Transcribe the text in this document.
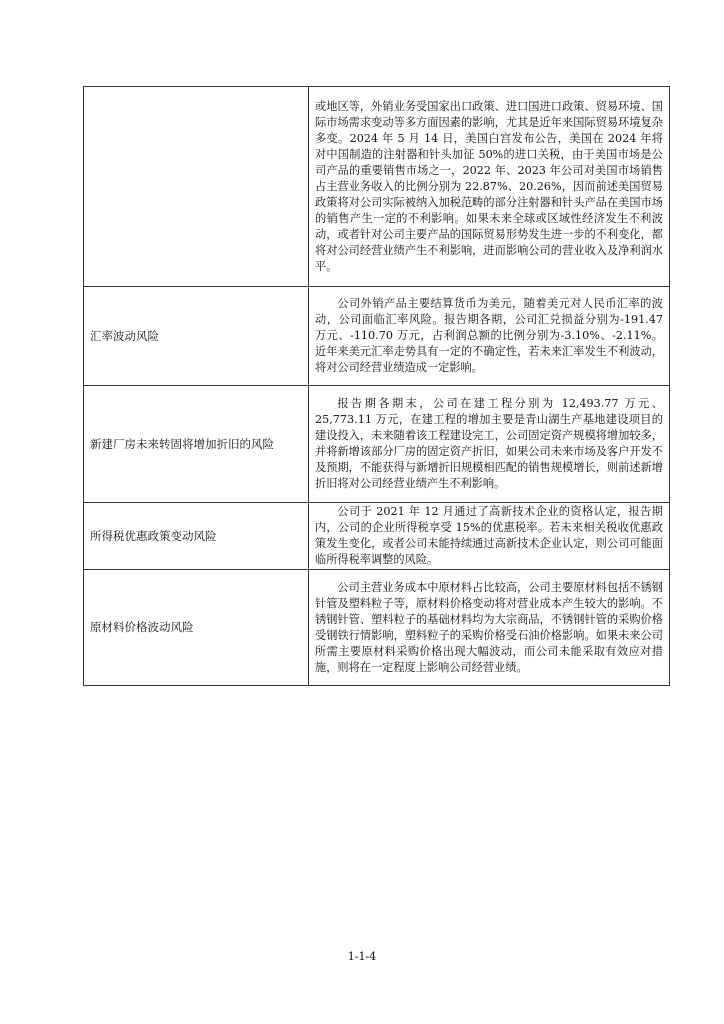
	或地区等，外销业务受国家出口政策、进口国进口政策、贸易环境、国际市场需求变动等多方面因素的影响，尤其是近年来国际贸易环境复杂多变。2024 年 5 月 14 日，美国白宫发布公告，美国在 2024 年将对中国制造的注射器和针头加征 50%的进口关税，由于美国市场是公司产品的重要销售市场之一，2022 年、2023 年公司对美国市场销售占主营业务收入的比例分别为 22.87%、20.26%，因而前述美国贸易政策将对公司实际被纳入加税范畴的部分注射器和针头产品在美国市场的销售产生一定的不利影响。如果未来全球或区域性经济发生不利波动，或者针对公司主要产品的国际贸易形势发生进一步的不利变化，都将对公司经营业绩产生不利影响，进而影响公司的营业收入及净利润水平。

汇率波动风险	公司外销产品主要结算货币为美元，随着美元对人民币汇率的波动，公司面临汇率风险。报告期各期，公司汇兑损益分别为-191.47 万元、-110.70 万元，占利润总额的比例分别为-3.10%、-2.11%。近年来美元汇率走势具有一定的不确定性，若未来汇率发生不利波动，将对公司经营业绩造成一定影响。

新建厂房未来转固将增加折旧的风险	报告期各期末，公司在建工程分别为 12,493.77 万元、25,773.11 万元，在建工程的增加主要是青山湖生产基地建设项目的建设投入，未来随着该工程建设完工，公司固定资产规模将增加较多，并将新增该部分厂房的固定资产折旧，如果公司未来市场及客户开发不及预期，不能获得与新增折旧规模相匹配的销售规模增长，则前述新增折旧将对公司经营业绩产生不利影响。

所得税优惠政策变动风险	公司于 2021 年 12 月通过了高新技术企业的资格认定，报告期内，公司的企业所得税享受 15%的优惠税率。若未来相关税收优惠政策发生变化，或者公司未能持续通过高新技术企业认定，则公司可能面临所得税率调整的风险。

原材料价格波动风险	公司主营业务成本中原材料占比较高，公司主要原材料包括不锈钢针管及塑料粒子等，原材料价格变动将对营业成本产生较大的影响。不锈钢针管、塑料粒子的基础材料均为大宗商品，不锈钢针管的采购价格受钢铁行情影响，塑料粒子的采购价格受石油价格影响。如果未来公司所需主要原材料采购价格出现大幅波动，而公司未能采取有效应对措施，则将在一定程度上影响公司经营业绩。

1-1-4
